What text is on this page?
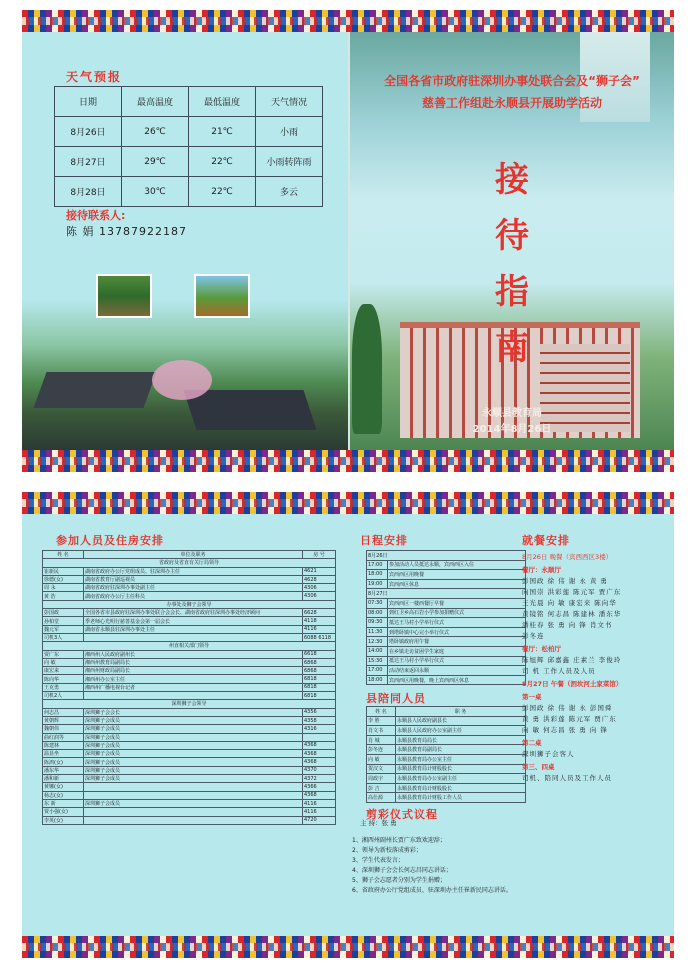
天气预报
日期	最高温度	最低温度	天气情况
8月26日	26℃	21℃	小雨
8月27日	29℃	22℃	小雨转阵雨
8月28日	30℃	22℃	多云
接待联系人:
陈 娟 13787922187
全国各省市政府驻深圳办事处联合会及“狮子会”
慈善工作组赴永顺县开展助学活动
接
待
指
南
永顺县教育局
2014年8月26日
参加人员及住房安排
姓 名	单位及职务	房 号
省政府及省直有关厅局领导		
崔新民	湖南省政府办公厅党组成员、驻深圳办主任	4621
徐德(女)	湖南省教育厅副巡视员	4628
周 永	湖南省政府驻深圳办事处副主任	4306
黄 浩	湖南省政府办公厅主任科员	4306
办事处及狮子会领导		
彭国政	全国各省市县政府驻深圳办事处联合会会长、湖南省政府驻深圳办事处经济顾问	6628
孙柏堂	季老师心光明行慈善基金会第一届会长	4118
魏元军	湖南省永顺县驻深圳办事处主任	4116
司机3人		6088 6118
州直相关部门领导		
贾广东	湘西州人民政府副州长	6618
向 敏	湘西州教育局副局长	6868
康宏来	湘西州财政局副局长	6868
陈向华	湘西州办公室主任	6818
王克勇	湘西州广播电视台记者	6818
司机2人		6818
深圳狮子会领导		
何志昌	深圳狮子会会长	4356
黄朝辉	深圳狮子会成员	4358
魏朝伟	深圳狮子会成员	4316
曲红润等	深圳狮子会成员	
陈建林	深圳狮子会成员	4368
温显坐	深圳狮子会成员	4368
陈鸿(女)	深圳狮子会成员	4368
潘东华	深圳狮子会成员	4370
潘和新	深圳狮子会成员	4372
黄娜(女)		4366
杨志(女)		4368
东 新	深圳狮子会成员	4116
贾小强(女)		4116
李英(女)		4720
日程安排
8月26日	
17:00	参加活动人员抵达永顺，宾西西区入住
18:00	宾西西区用晚餐
19:00	宾西西区休息
8月27日	
07:30	宾西西区一楼西餐厅早餐
08:00	到红卫乡高石岩小学参加捐赠仪式
09:30	抵达王马村小学举行仪式
11:30	到塔卧镇中心完小举行仪式
12:30	塔卧镇政府用午餐
14:00	在乡镇走访贫困学生家庭
15:30	抵达王马村小学举行仪式
17:00	活动结束返回永顺
18:00	宾西西区用晚餐，晚上宾西西区休息
县陪同人员
姓 名	职 务
李 胜	永顺县人民政府副县长
肖文书	永顺县人民政府办公室副主任
肖 城	永顺县教育局局长
彭冬连	永顺县教育局副局长
向 敏	永顺县教育局办公室主任
贺汉文	永顺县教育局计财股股长
周政宇	永顺县教育局办公室副主任
彭 吉	永顺县教育局计财股股长
高仕源	永顺县教育局计财股工作人员
剪彩仪式议程
就餐安排
8月26日 晚餐（宾西西区3楼）
餐厅：永顺厅
彭国政 徐 伟 谢 永 黄 勇
向国崇 洪彩莲 陈元军 贾广东
王光晨 向 敏 康宏来 陈向华
黄镜铭 何志昌 陈建林 潘东华
潘桂春 张 勇 向 锋 肖文书
彭冬连
餐厅：松柏厅
陈旭辉 邱嘉鑫 庄素兰 李俊玲
司 机 工作人员及人员
8月27日 午餐（泗坎河土家菜馆）
第一桌
彭国政 徐 伟 谢 永 彭国舜
黄 勇 洪彩莲 陈元军 贾广东
向 敏 何志昌 张 勇 向 锋
第二桌
深圳狮子会客人
第三、四桌
司机、陪同人员及工作人员
主 持：张 勇
1、湘西州副州长贾广东致欢迎辞；
2、领导为新校落成剪彩；
3、学生代表发言；
4、深圳狮子会会长何志昌同志讲话；
5、狮子会志愿者分别为学生捐赠；
6、省政府办公厅党组成员、驻深圳办主任崔新民同志讲话。
